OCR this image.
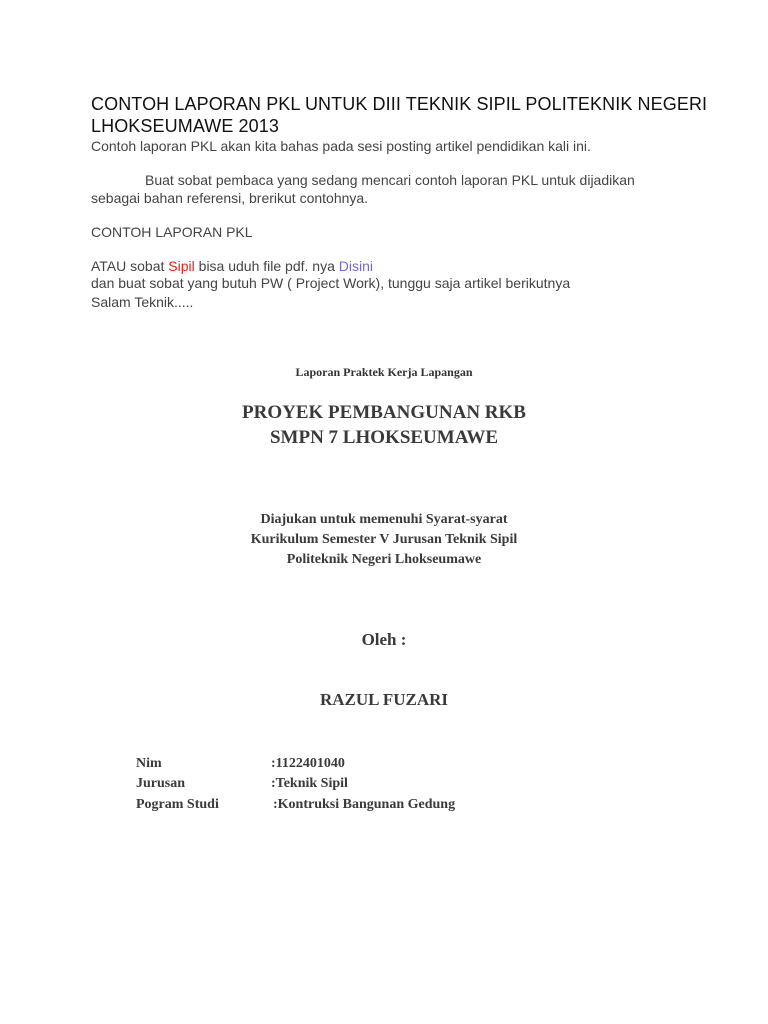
CONTOH LAPORAN PKL UNTUK DIII TEKNIK SIPIL POLITEKNIK NEGERI LHOKSEUMAWE 2013
Contoh laporan PKL akan kita bahas pada sesi posting artikel pendidikan kali ini.
Buat sobat pembaca yang sedang mencari contoh laporan PKL untuk dijadikan
sebagai bahan referensi, brerikut contohnya.
CONTOH LAPORAN PKL
ATAU sobat Sipil bisa uduh file pdf. nya Disini
dan buat sobat yang butuh PW ( Project Work), tunggu saja artikel berikutnya
Salam Teknik.....
Laporan Praktek Kerja Lapangan
PROYEK PEMBANGUNAN RKB
SMPN 7 LHOKSEUMAWE
Diajukan untuk memenuhi Syarat-syarat
Kurikulum Semester V Jurusan Teknik Sipil
Politeknik Negeri Lhokseumawe
Oleh :
RAZUL FUZARI
Nim	:1122401040
Jurusan	:Teknik Sipil
Pogram Studi	:Kontruksi Bangunan Gedung
